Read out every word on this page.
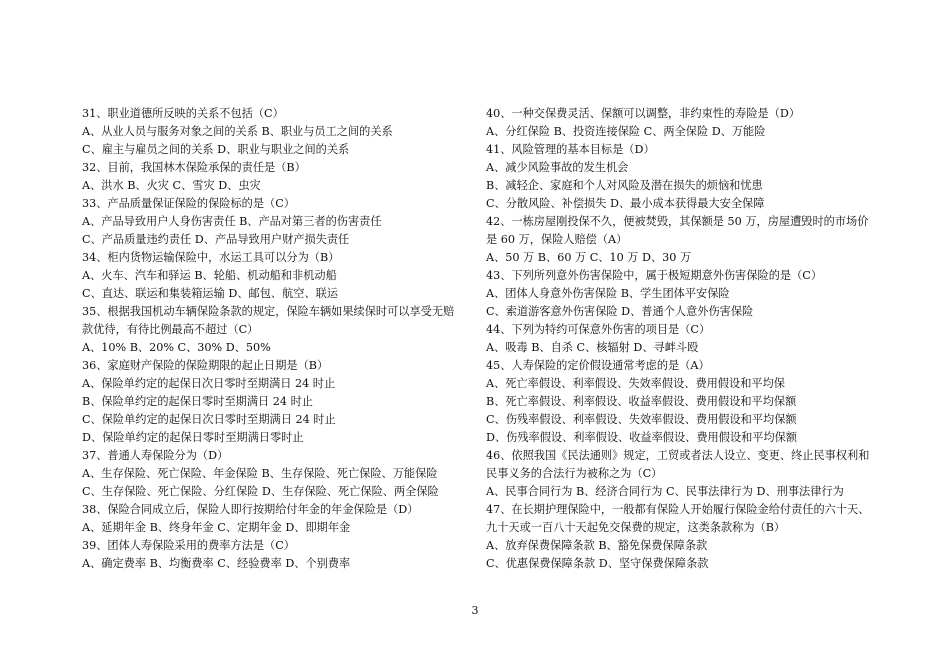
31、职业道德所反映的关系不包括（C）

A、从业人员与服务对象之间的关系 B、职业与员工之间的关系

C、雇主与雇员之间的关系 D、职业与职业之间的关系

32、目前，我国林木保险承保的责任是（B）

A、洪水 B、火灾 C、雪灾 D、虫灾

33、产品质量保证保险的保险标的是（C）

A、产品导致用户人身伤害责任 B、产品对第三者的伤害责任

C、产品质量违约责任 D、产品导致用户财产损失责任

34、柜内货物运输保险中，水运工具可以分为（B）

A、火车、汽车和驿运 B、轮船、机动船和非机动船

C、直达、联运和集装箱运输 D、邮包、航空、联运

35、根据我国机动车辆保险条款的规定，保险车辆如果续保时可以享受无赔

款优待，有待比例最高不超过（C）

A、10% B、20% C、30% D、50%

36、家庭财产保险的保险期限的起止日期是（B）

A、保险单约定的起保日次日零时至期满日 24 时止

B、保险单约定的起保日零时至期满日 24 时止

C、保险单约定的起保日次日零时至期满日 24 时止

D、保险单约定的起保日零时至期满日零时止

37、普通人寿保险分为（D）

A、生存保险、死亡保险、年金保险 B、生存保险、死亡保险、万能保险

C、生存保险、死亡保险、分红保险 D、生存保险、死亡保险、两全保险

38、保险合同成立后，保险人即行按期给付年金的年金保险是（D）

A、延期年金 B、终身年金 C、定期年金 D、即期年金

39、团体人寿保险采用的费率方法是（C）

A、确定费率 B、均衡费率 C、经验费率 D、个别费率

40、一种交保费灵活、保额可以调整，非约束性的寿险是（D）

A、分红保险 B、投资连接保险 C、两全保险 D、万能险

41、风险管理的基本目标是（D）

A、减少风险事故的发生机会

B、减轻企、家庭和个人对风险及潜在损失的烦恼和忧患

C、分散风险、补偿损失 D、最小成本获得最大安全保障

42、一栋房屋刚投保不久，便被焚毁，其保额是 50 万，房屋遭毁时的市场价

是 60 万，保险人赔偿（A）

A、50 万 B、60 万 C、10 万 D、30 万

43、下列所列意外伤害保险中，属于极短期意外伤害保险的是（C）

A、团体人身意外伤害保险 B、学生团体平安保险

C、索道游客意外伤害保险 D、普通个人意外伤害保险

44、下列为特约可保意外伤害的项目是（C）

A、吸毒 B、自杀 C、核辐射 D、寻衅斗殴

45、人寿保险的定价假设通常考虑的是（A）

A、死亡率假设、利率假设、失效率假设、费用假设和平均保

B、死亡率假设、利率假设、收益率假设、费用假设和平均保额

C、伤残率假设、利率假设、失效率假设、费用假设和平均保额

D、伤残率假设、利率假设、收益率假设、费用假设和平均保额

46、依照我国《民法通则》规定，工贸或者法人设立、变更、终止民事权利和

民事义务的合法行为被称之为（C）

A、民事合同行为 B、经济合同行为 C、民事法律行为 D、刑事法律行为

47、在长期护理保险中，一般都有保险人开始履行保险金给付责任的六十天、

九十天或一百八十天起免交保费的规定，这类条款称为（B）

A、放弃保费保障条款 B、豁免保费保障条款

C、优惠保费保障条款 D、坚守保费保障条款

3
